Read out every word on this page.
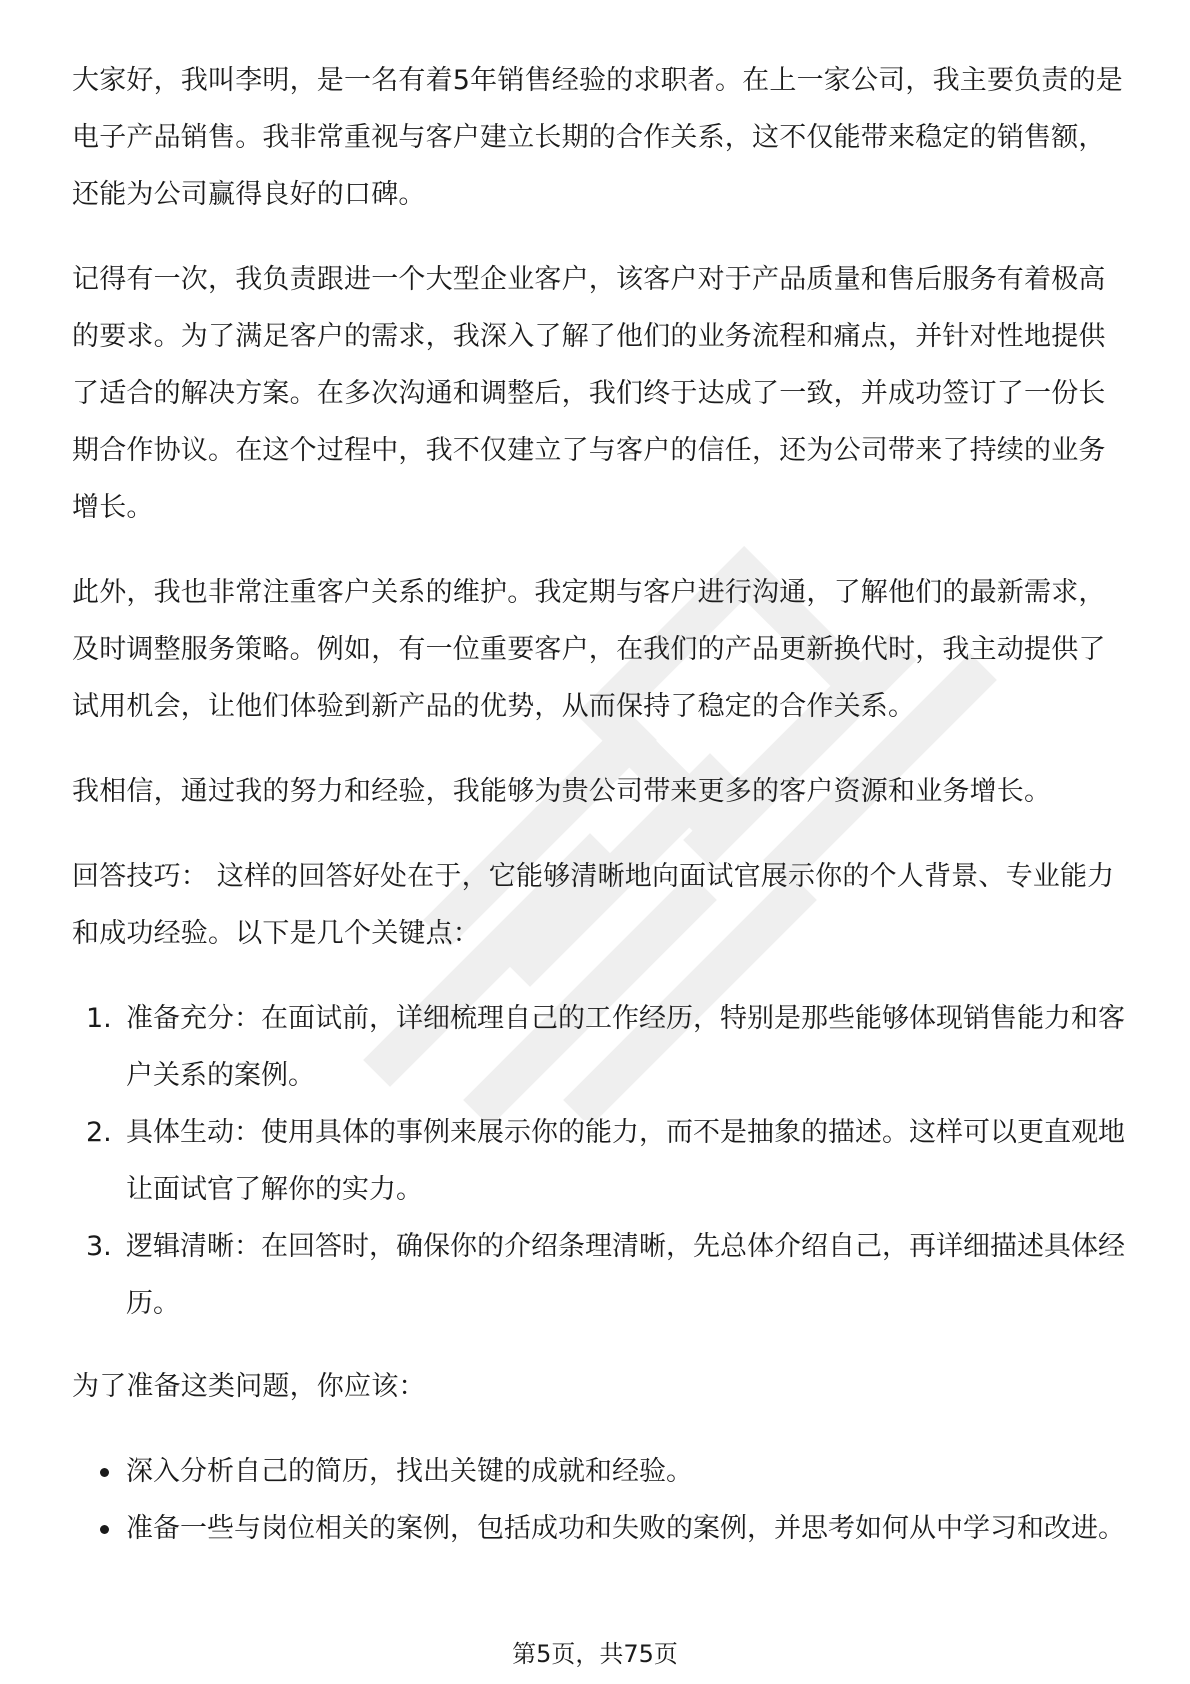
大家好，我叫李明，是一名有着5年销售经验的求职者。在上一家公司，我主要负责的是电子产品销售。我非常重视与客户建立长期的合作关系，这不仅能带来稳定的销售额，还能为公司赢得良好的口碑。

记得有一次，我负责跟进一个大型企业客户，该客户对于产品质量和售后服务有着极高的要求。为了满足客户的需求，我深入了解了他们的业务流程和痛点，并针对性地提供了适合的解决方案。在多次沟通和调整后，我们终于达成了一致，并成功签订了一份长期合作协议。在这个过程中，我不仅建立了与客户的信任，还为公司带来了持续的业务增长。

此外，我也非常注重客户关系的维护。我定期与客户进行沟通，了解他们的最新需求，及时调整服务策略。例如，有一位重要客户，在我们的产品更新换代时，我主动提供了试用机会，让他们体验到新产品的优势，从而保持了稳定的合作关系。

我相信，通过我的努力和经验，我能够为贵公司带来更多的客户资源和业务增长。

回答技巧： 这样的回答好处在于，它能够清晰地向面试官展示你的个人背景、专业能力和成功经验。以下是几个关键点：

1. 准备充分：在面试前，详细梳理自己的工作经历，特别是那些能够体现销售能力和客户关系的案例。
2. 具体生动：使用具体的事例来展示你的能力，而不是抽象的描述。这样可以更直观地让面试官了解你的实力。
3. 逻辑清晰：在回答时，确保你的介绍条理清晰，先总体介绍自己，再详细描述具体经历。

为了准备这类问题，你应该：

深入分析自己的简历，找出关键的成就和经验。
准备一些与岗位相关的案例，包括成功和失败的案例，并思考如何从中学习和改进。
第5页，共75页
